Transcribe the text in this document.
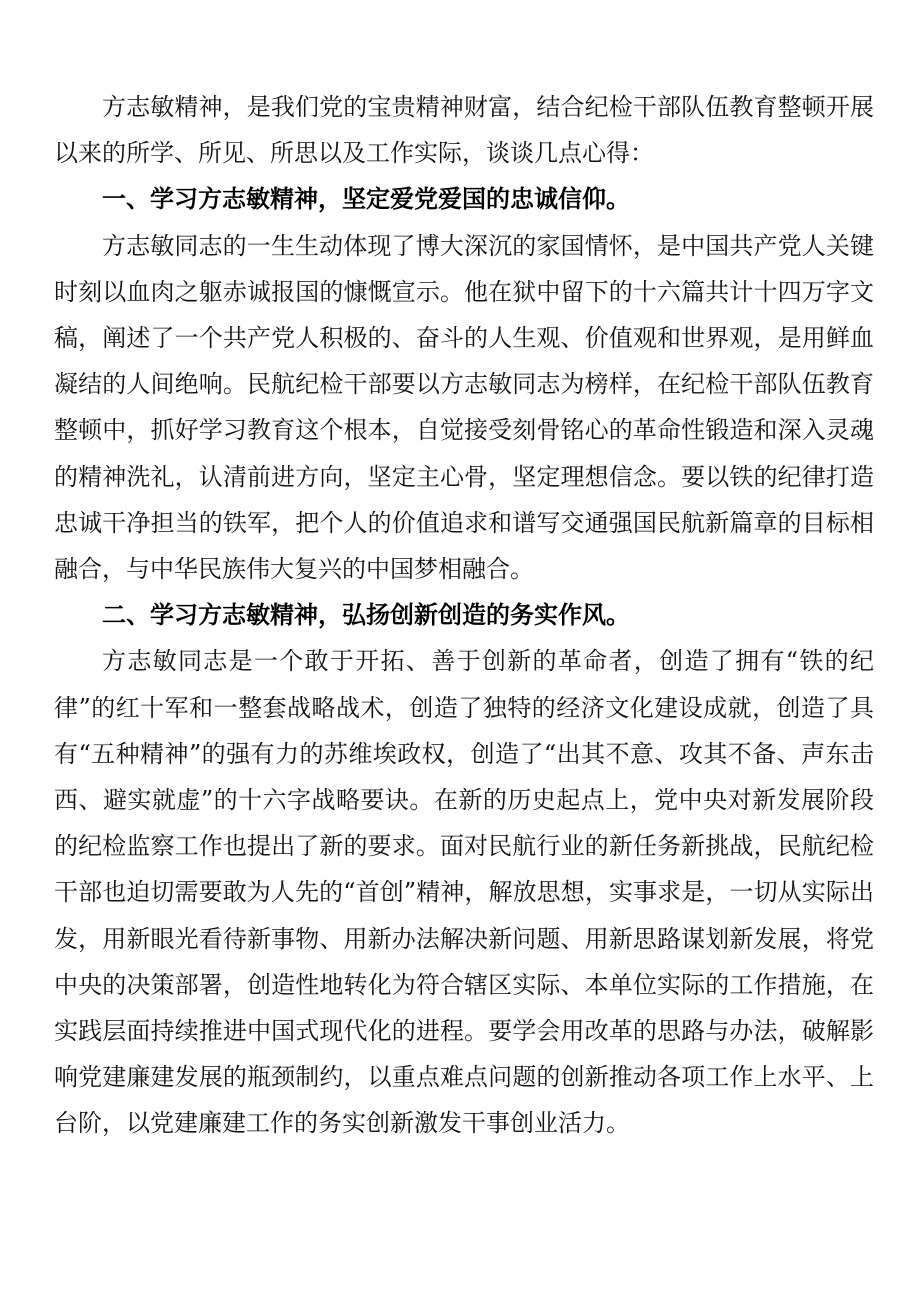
方志敏精神，是我们党的宝贵精神财富，结合纪检干部队伍教育整顿开展以来的所学、所见、所思以及工作实际，谈谈几点心得：

一、学习方志敏精神，坚定爱党爱国的忠诚信仰。

方志敏同志的一生生动体现了博大深沉的家国情怀，是中国共产党人关键时刻以血肉之躯赤诚报国的慷慨宣示。他在狱中留下的十六篇共计十四万字文稿，阐述了一个共产党人积极的、奋斗的人生观、价值观和世界观，是用鲜血凝结的人间绝响。民航纪检干部要以方志敏同志为榜样，在纪检干部队伍教育整顿中，抓好学习教育这个根本，自觉接受刻骨铭心的革命性锻造和深入灵魂的精神洗礼，认清前进方向，坚定主心骨，坚定理想信念。要以铁的纪律打造忠诚干净担当的铁军，把个人的价值追求和谱写交通强国民航新篇章的目标相融合，与中华民族伟大复兴的中国梦相融合。

二、学习方志敏精神，弘扬创新创造的务实作风。

方志敏同志是一个敢于开拓、善于创新的革命者，创造了拥有“铁的纪律”的红十军和一整套战略战术，创造了独特的经济文化建设成就，创造了具有“五种精神”的强有力的苏维埃政权，创造了“出其不意、攻其不备、声东击西、避实就虚”的十六字战略要诀。在新的历史起点上，党中央对新发展阶段的纪检监察工作也提出了新的要求。面对民航行业的新任务新挑战，民航纪检干部也迫切需要敢为人先的“首创”精神，解放思想，实事求是，一切从实际出发，用新眼光看待新事物、用新办法解决新问题、用新思路谋划新发展，将党中央的决策部署，创造性地转化为符合辖区实际、本单位实际的工作措施，在实践层面持续推进中国式现代化的进程。要学会用改革的思路与办法，破解影响党建廉建发展的瓶颈制约，以重点难点问题的创新推动各项工作上水平、上台阶，以党建廉建工作的务实创新激发干事创业活力。
